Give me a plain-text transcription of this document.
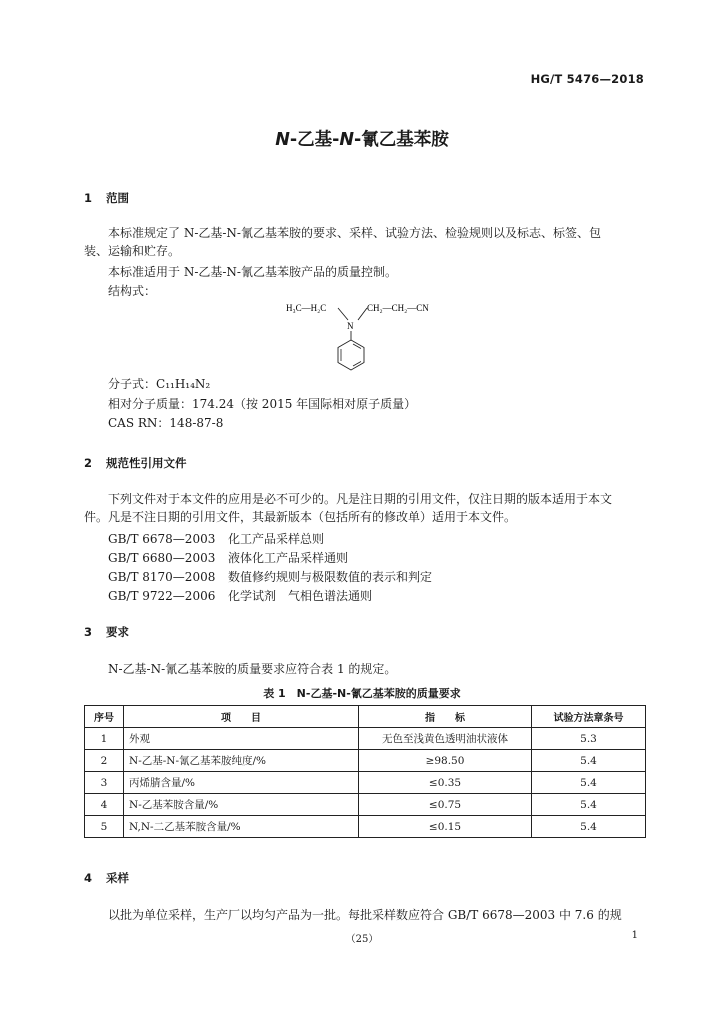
HG/T 5476—2018
N-乙基-N-氰乙基苯胺
1 范围
本标准规定了 N-乙基-N-氰乙基苯胺的要求、采样、试验方法、检验规则以及标志、标签、包
装、运输和贮存。
本标准适用于 N-乙基-N-氰乙基苯胺产品的质量控制。
结构式：
H₃C—H₂C	CH₂—CH₂—CN
N
分子式：C₁₁H₁₄N₂
相对分子质量：174.24（按 2015 年国际相对原子质量）
CAS RN：148-87-8
2 规范性引用文件
下列文件对于本文件的应用是必不可少的。凡是注日期的引用文件，仅注日期的版本适用于本文
件。凡是不注日期的引用文件，其最新版本（包括所有的修改单）适用于本文件。
GB/T 6678—2003 化工产品采样总则
GB/T 6680—2003 液体化工产品采样通则
GB/T 8170—2008 数值修约规则与极限数值的表示和判定
GB/T 9722—2006 化学试剂　气相色谱法通则
3 要求
N-乙基-N-氰乙基苯胺的质量要求应符合表 1 的规定。
表 1　N-乙基-N-氰乙基苯胺的质量要求
序号	项　　目	指　　标	试验方法章条号
1	外观	无色至浅黄色透明油状液体	5.3
2	N-乙基-N-氰乙基苯胺纯度/%	≥98.50	5.4
3	丙烯腈含量/%	≤0.35	5.4
4	N-乙基苯胺含量/%	≤0.75	5.4
5	N,N-二乙基苯胺含量/%	≤0.15	5.4
4 采样
以批为单位采样，生产厂以均匀产品为一批。每批采样数应符合 GB/T 6678—2003 中 7.6 的规
（25）	1
